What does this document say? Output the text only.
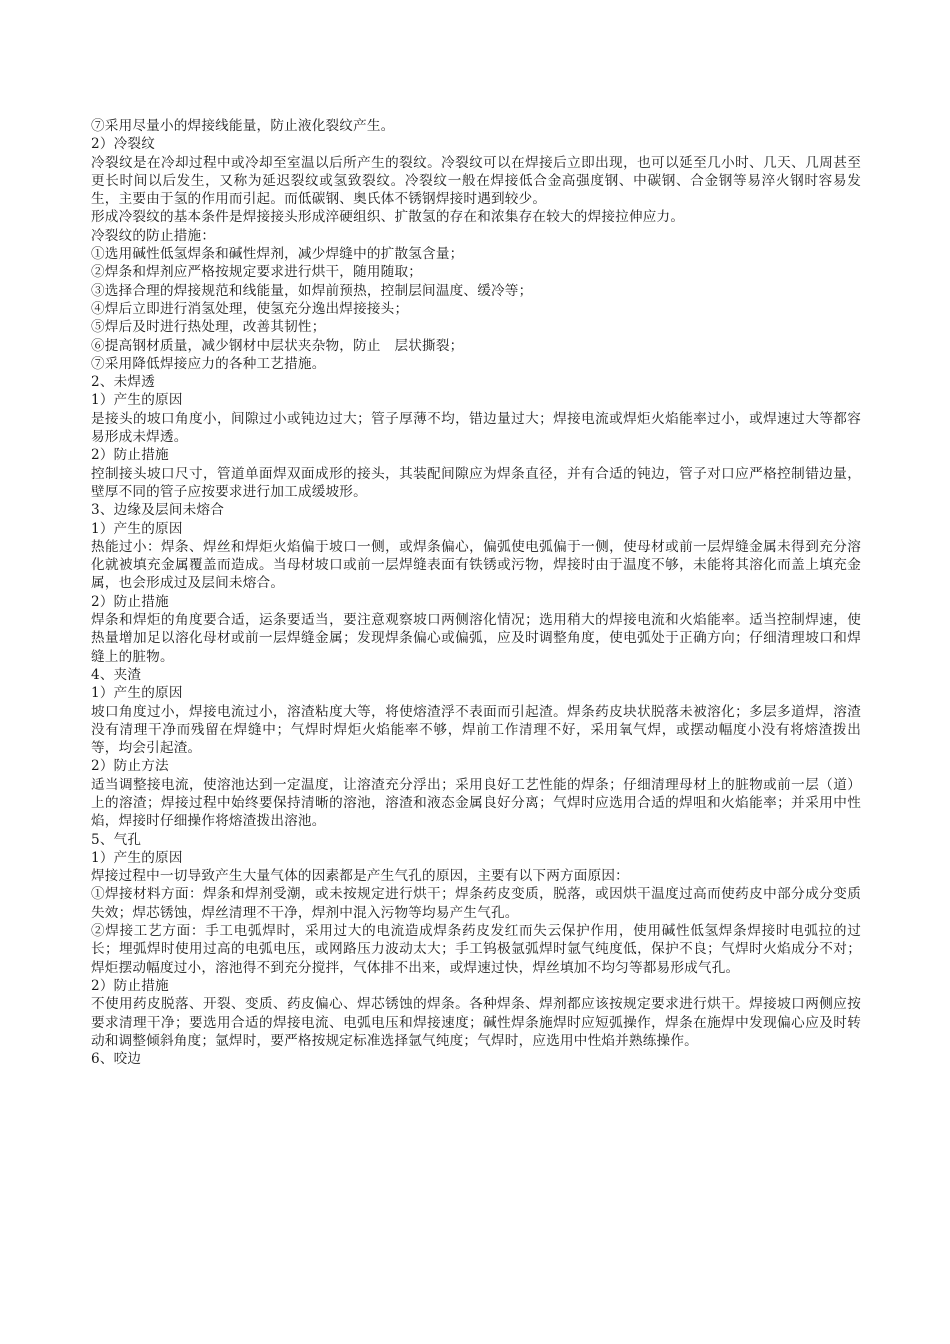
⑦采用尽量小的焊接线能量，防止液化裂纹产生。
2）冷裂纹
冷裂纹是在冷却过程中或冷却至室温以后所产生的裂纹。冷裂纹可以在焊接后立即出现，也可以延至几小时、几天、几周甚至更长时间以后发生，又称为延迟裂纹或氢致裂纹。冷裂纹一般在焊接低合金高强度钢、中碳钢、合金钢等易淬火钢时容易发生，主要由于氢的作用而引起。而低碳钢、奥氏体不锈钢焊接时遇到较少。
形成冷裂纹的基本条件是焊接接头形成淬硬组织、扩散氢的存在和浓集存在较大的焊接拉伸应力。
冷裂纹的防止措施：
①选用碱性低氢焊条和碱性焊剂，减少焊缝中的扩散氢含量；
②焊条和焊剂应严格按规定要求进行烘干，随用随取；
③选择合理的焊接规范和线能量，如焊前预热，控制层间温度、缓冷等；
④焊后立即进行消氢处理，使氢充分逸出焊接接头；
⑤焊后及时进行热处理，改善其韧性；
⑥提高钢材质量，减少钢材中层状夹杂物，防止　层状撕裂；
⑦采用降低焊接应力的各种工艺措施。
2、未焊透
1）产生的原因
是接头的坡口角度小，间隙过小或钝边过大；管子厚薄不均，错边量过大；焊接电流或焊炬火焰能率过小，或焊速过大等都容易形成未焊透。
2）防止措施
控制接头坡口尺寸，管道单面焊双面成形的接头，其装配间隙应为焊条直径，并有合适的钝边，管子对口应严格控制错边量，壁厚不同的管子应按要求进行加工成缓坡形。
3、边缘及层间未熔合
1）产生的原因
热能过小：焊条、焊丝和焊炬火焰偏于坡口一侧，或焊条偏心，偏弧使电弧偏于一侧，使母材或前一层焊缝金属未得到充分溶化就被填充金属覆盖而造成。当母材坡口或前一层焊缝表面有铁锈或污物，焊接时由于温度不够，未能将其溶化而盖上填充金属，也会形成过及层间未熔合。
2）防止措施
焊条和焊炬的角度要合适，运条要适当，要注意观察坡口两侧溶化情况；选用稍大的焊接电流和火焰能率。适当控制焊速，使热量增加足以溶化母材或前一层焊缝金属；发现焊条偏心或偏弧，应及时调整角度，使电弧处于正确方向；仔细清理坡口和焊缝上的脏物。
4、夹渣
1）产生的原因
坡口角度过小，焊接电流过小，溶渣粘度大等，将使熔渣浮不表面而引起渣。焊条药皮块状脱落未被溶化；多层多道焊，溶渣没有清理干净而残留在焊缝中；气焊时焊炬火焰能率不够，焊前工作清理不好，采用氧气焊，或摆动幅度小没有将熔渣拨出等，均会引起渣。
2）防止方法
适当调整接电流，使溶池达到一定温度，让溶渣充分浮出；采用良好工艺性能的焊条；仔细清理母材上的脏物或前一层（道）上的溶渣；焊接过程中始终要保持清晰的溶池，溶渣和液态金属良好分离；气焊时应选用合适的焊咀和火焰能率；并采用中性焰，焊接时仔细操作将熔渣拨出溶池。
5、气孔
1）产生的原因
焊接过程中一切导致产生大量气体的因素都是产生气孔的原因，主要有以下两方面原因：
①焊接材料方面：焊条和焊剂受潮，或未按规定进行烘干；焊条药皮变质，脱落，或因烘干温度过高而使药皮中部分成分变质失效；焊芯锈蚀，焊丝清理不干净，焊剂中混入污物等均易产生气孔。
②焊接工艺方面：手工电弧焊时，采用过大的电流造成焊条药皮发红而失云保护作用，使用碱性低氢焊条焊接时电弧拉的过长；埋弧焊时使用过高的电弧电压，或网路压力波动太大；手工钨极氩弧焊时氩气纯度低，保护不良；气焊时火焰成分不对；焊炬摆动幅度过小，溶池得不到充分搅拌，气体排不出来，或焊速过快，焊丝填加不均匀等都易形成气孔。
2）防止措施
不使用药皮脱落、开裂、变质、药皮偏心、焊芯锈蚀的焊条。各种焊条、焊剂都应该按规定要求进行烘干。焊接坡口两侧应按要求清理干净；要选用合适的焊接电流、电弧电压和焊接速度；碱性焊条施焊时应短弧操作，焊条在施焊中发现偏心应及时转动和调整倾斜角度；氩焊时，要严格按规定标准选择氩气纯度；气焊时，应选用中性焰并熟练操作。
6、咬边
